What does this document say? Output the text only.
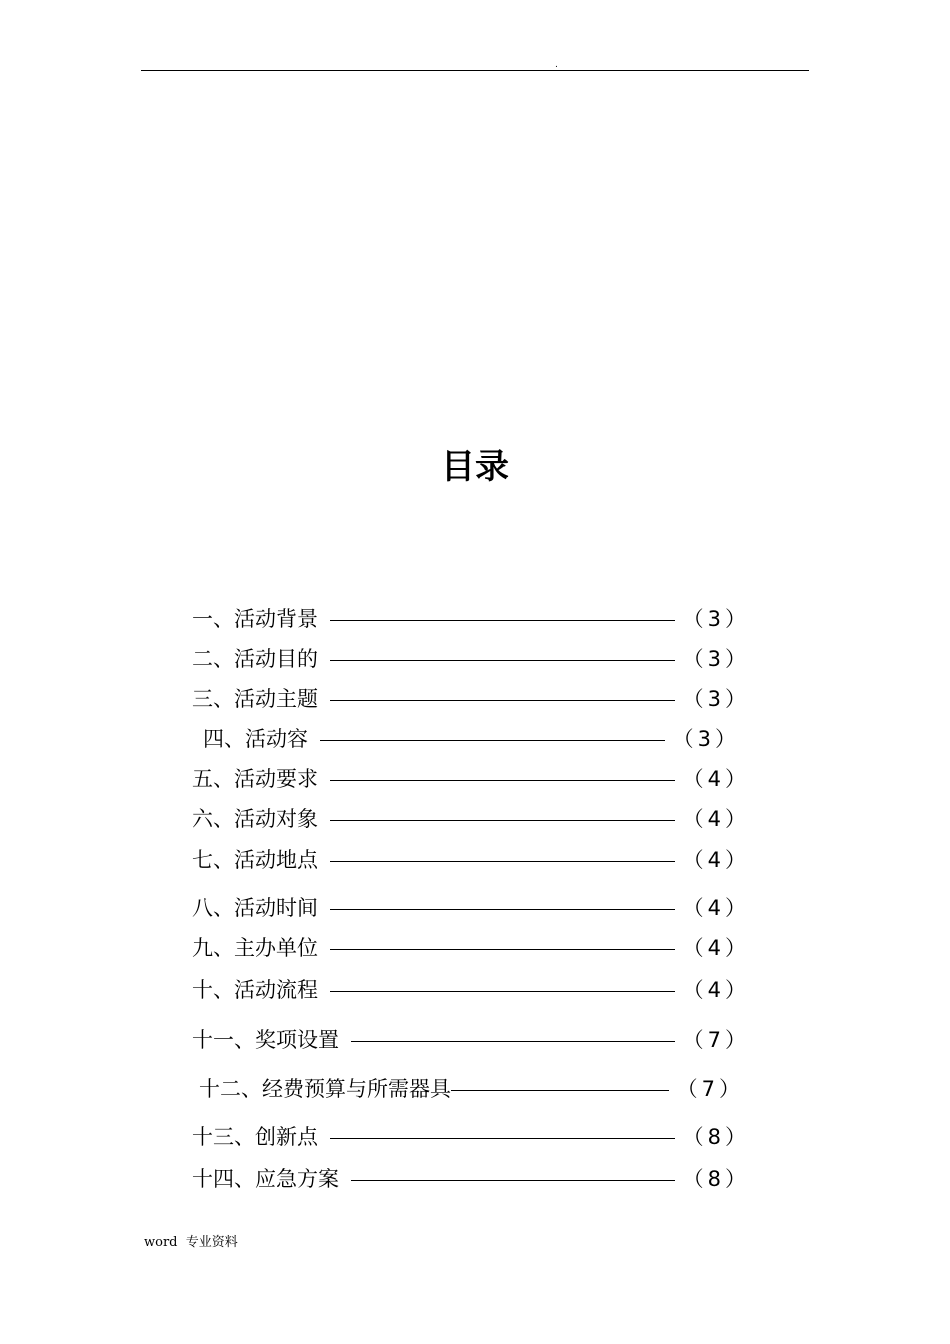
.
目录
一、活动背景	（3）
二、活动目的	（3）
三、活动主题	（3）
四、活动容	（3）
五、活动要求	（4）
六、活动对象	（4）
七、活动地点	（4）
八、活动时间	（4）
九、主办单位	（4）
十、活动流程	（4）
十一、奖项设置	（7）
十二、经费预算与所需器具	（7）
十三、创新点	（8）
十四、应急方案	（8）
word 专业资料
